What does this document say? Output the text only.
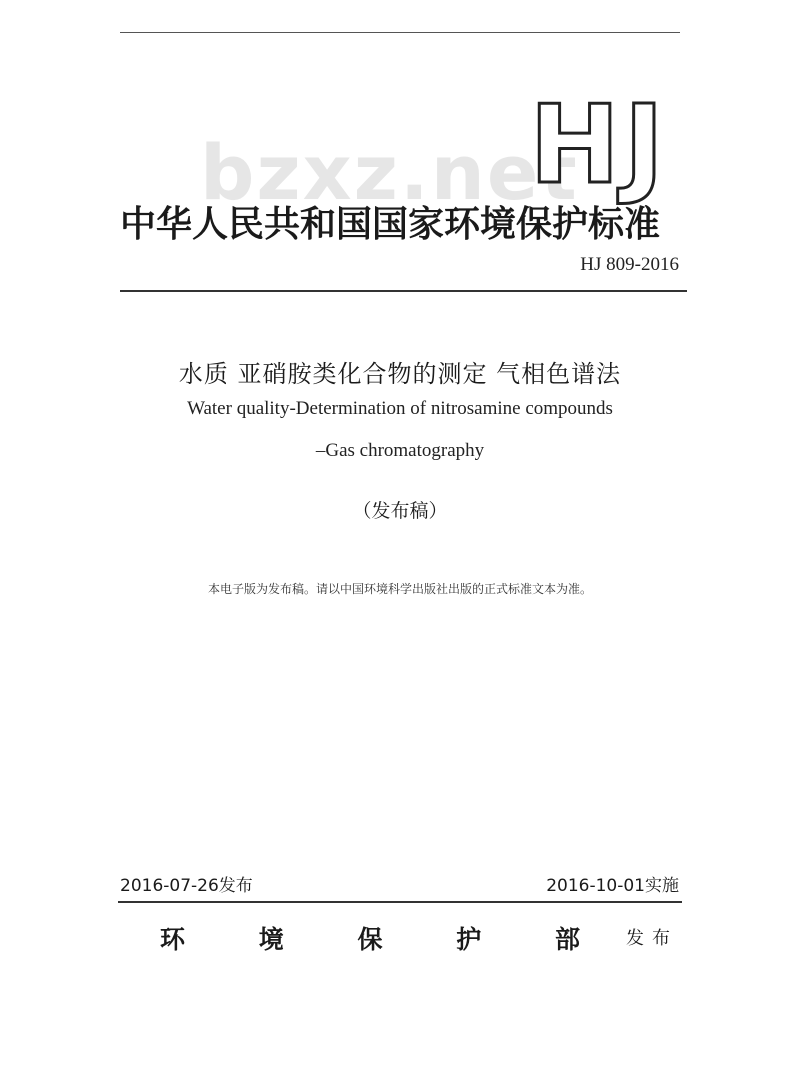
bzxz.net
HJ
中华人民共和国国家环境保护标准
HJ 809-2016
水质 亚硝胺类化合物的测定 气相色谱法
Water quality-Determination of nitrosamine compounds
–Gas chromatography
（发布稿）
本电子版为发布稿。请以中国环境科学出版社出版的正式标准文本为准。
2016-07-26发布	2016-10-01实施
环	境	保	护	部	发布
